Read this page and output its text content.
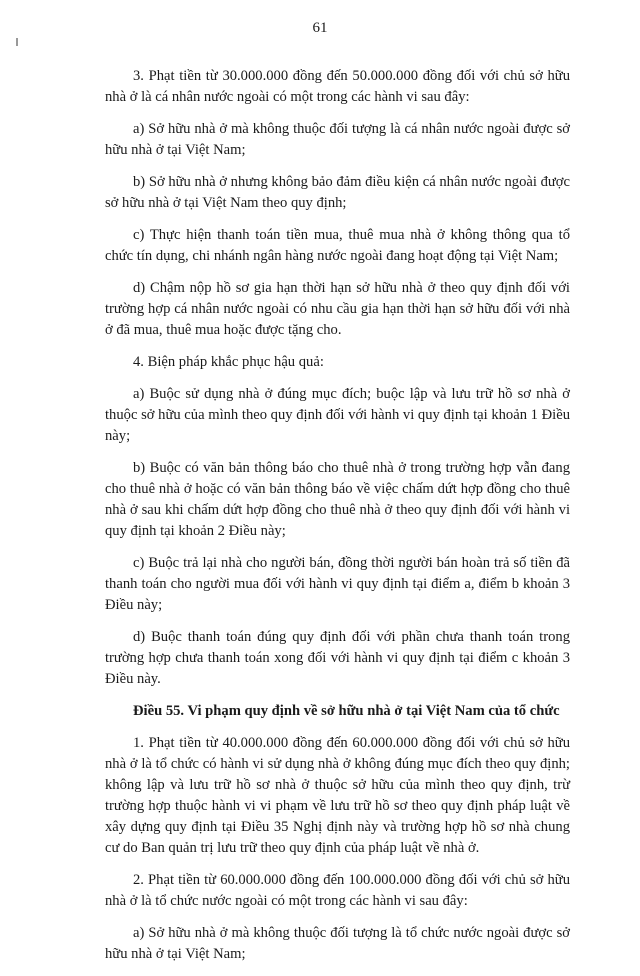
61

3. Phạt tiền từ 30.000.000 đồng đến 50.000.000 đồng đối với chủ sở hữu nhà ở là cá nhân nước ngoài có một trong các hành vi sau đây:

a) Sở hữu nhà ở mà không thuộc đối tượng là cá nhân nước ngoài được sở hữu nhà ở tại Việt Nam;

b) Sở hữu nhà ở nhưng không bảo đảm điều kiện cá nhân nước ngoài được sở hữu nhà ở tại Việt Nam theo quy định;

c) Thực hiện thanh toán tiền mua, thuê mua nhà ở không thông qua tổ chức tín dụng, chi nhánh ngân hàng nước ngoài đang hoạt động tại Việt Nam;

d) Chậm nộp hồ sơ gia hạn thời hạn sở hữu nhà ở theo quy định đối với trường hợp cá nhân nước ngoài có nhu cầu gia hạn thời hạn sở hữu đối với nhà ở đã mua, thuê mua hoặc được tặng cho.

4. Biện pháp khắc phục hậu quả:

a) Buộc sử dụng nhà ở đúng mục đích; buộc lập và lưu trữ hồ sơ nhà ở thuộc sở hữu của mình theo quy định đối với hành vi quy định tại khoản 1 Điều này;

b) Buộc có văn bản thông báo cho thuê nhà ở trong trường hợp vẫn đang cho thuê nhà ở hoặc có văn bản thông báo về việc chấm dứt hợp đồng cho thuê nhà ở sau khi chấm dứt hợp đồng cho thuê nhà ở theo quy định đối với hành vi quy định tại khoản 2 Điều này;

c) Buộc trả lại nhà cho người bán, đồng thời người bán hoàn trả số tiền đã thanh toán cho người mua đối với hành vi quy định tại điểm a, điểm b khoản 3 Điều này;

d) Buộc thanh toán đúng quy định đối với phần chưa thanh toán trong trường hợp chưa thanh toán xong đối với hành vi quy định tại điểm c khoản 3 Điều này.

Điều 55. Vi phạm quy định về sở hữu nhà ở tại Việt Nam của tổ chức

1. Phạt tiền từ 40.000.000 đồng đến 60.000.000 đồng đối với chủ sở hữu nhà ở là tổ chức có hành vi sử dụng nhà ở không đúng mục đích theo quy định; không lập và lưu trữ hồ sơ nhà ở thuộc sở hữu của mình theo quy định, trừ trường hợp thuộc hành vi vi phạm về lưu trữ hồ sơ theo quy định pháp luật về xây dựng quy định tại Điều 35 Nghị định này và trường hợp hồ sơ nhà chung cư do Ban quản trị lưu trữ theo quy định của pháp luật về nhà ở.

2. Phạt tiền từ 60.000.000 đồng đến 100.000.000 đồng đối với chủ sở hữu nhà ở là tổ chức nước ngoài có một trong các hành vi sau đây:

a) Sở hữu nhà ở mà không thuộc đối tượng là tổ chức nước ngoài được sở hữu nhà ở tại Việt Nam;
